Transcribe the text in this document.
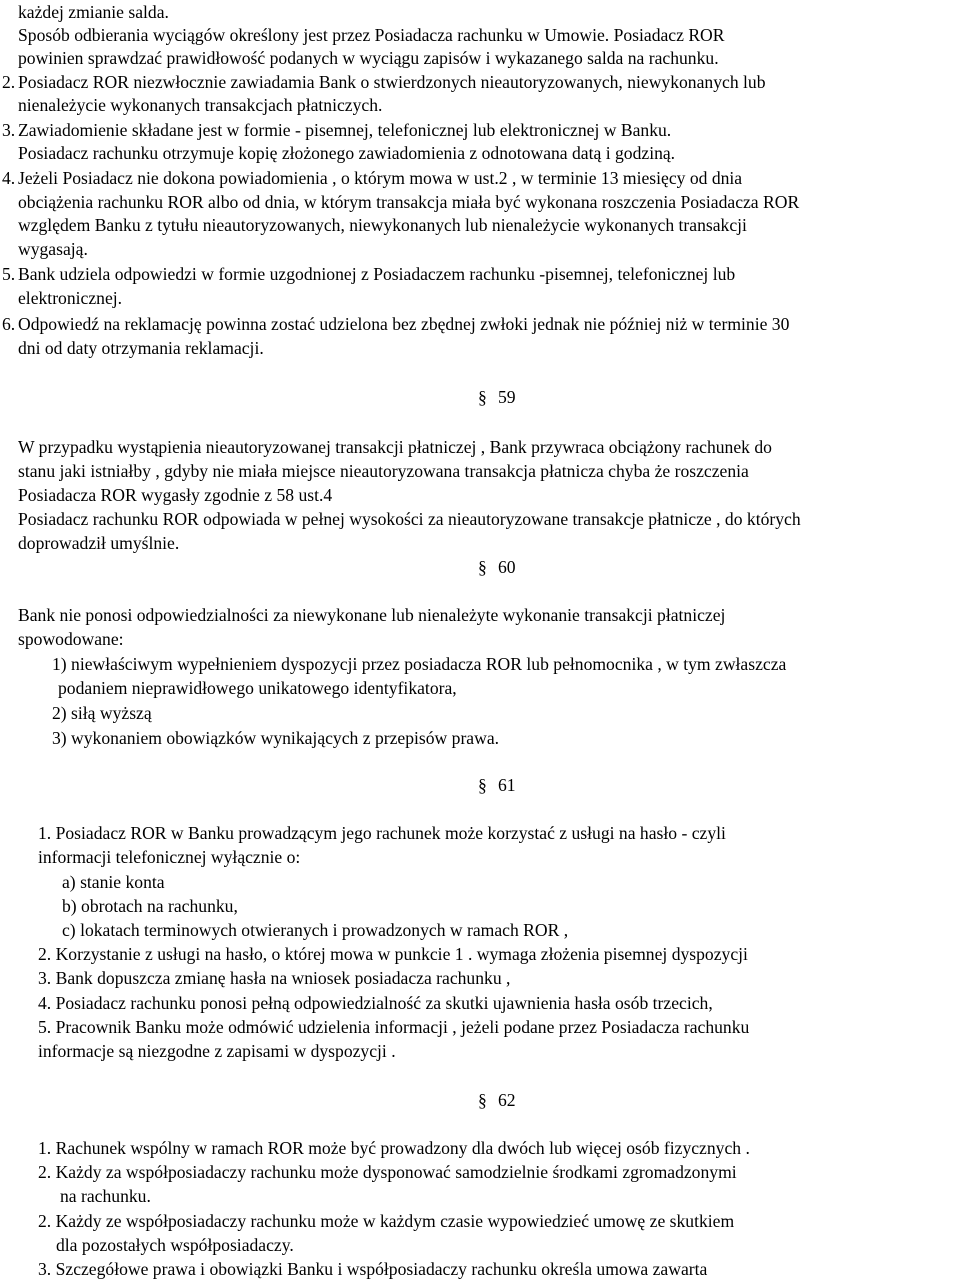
każdej zmianie salda.
Sposób odbierania wyciągów określony jest przez Posiadacza rachunku w Umowie. Posiadacz ROR
powinien sprawdzać prawidłowość podanych w wyciągu zapisów i wykazanego salda na rachunku.
2. Posiadacz ROR niezwłocznie zawiadamia Bank o stwierdzonych nieautoryzowanych, niewykonanych lub
nienależycie wykonanych transakcjach płatniczych.
3. Zawiadomienie składane jest w formie - pisemnej, telefonicznej lub elektronicznej w Banku.
Posiadacz rachunku otrzymuje kopię złożonego zawiadomienia z odnotowana datą i godziną.
4. Jeżeli Posiadacz nie dokona powiadomienia , o którym mowa w ust.2 , w terminie 13 miesięcy od dnia
obciążenia rachunku ROR albo od dnia, w którym transakcja miała być wykonana roszczenia Posiadacza ROR
względem Banku z tytułu nieautoryzowanych, niewykonanych lub nienależycie wykonanych transakcji
wygasają.
5. Bank udziela odpowiedzi w formie uzgodnionej z Posiadaczem rachunku -pisemnej, telefonicznej lub
elektronicznej.
6. Odpowiedź na reklamację powinna zostać udzielona bez zbędnej zwłoki jednak nie później niż w terminie 30
dni od daty otrzymania reklamacji.
§ 59
W przypadku wystąpienia nieautoryzowanej transakcji płatniczej , Bank przywraca obciążony rachunek do
stanu jaki istniałby , gdyby nie miała miejsce nieautoryzowana transakcja płatnicza chyba że roszczenia
Posiadacza ROR wygasły zgodnie z 58 ust.4
Posiadacz rachunku ROR odpowiada w pełnej wysokości za nieautoryzowane transakcje płatnicze , do których
doprowadził umyślnie.
§ 60
Bank nie ponosi odpowiedzialności za niewykonane lub nienależyte wykonanie transakcji płatniczej
spowodowane:
1) niewłaściwym wypełnieniem dyspozycji przez posiadacza ROR lub pełnomocnika , w tym zwłaszcza
podaniem nieprawidłowego unikatowego identyfikatora,
2) siłą wyższą
3) wykonaniem obowiązków wynikających z przepisów prawa.
§ 61
1. Posiadacz ROR w Banku prowadzącym jego rachunek może korzystać z usługi na hasło - czyli
informacji telefonicznej wyłącznie o:
a) stanie konta
b) obrotach na rachunku,
c) lokatach terminowych otwieranych i prowadzonych w ramach ROR ,
2. Korzystanie z usługi na hasło, o której mowa w punkcie 1 . wymaga złożenia pisemnej dyspozycji
3. Bank dopuszcza zmianę hasła na wniosek posiadacza rachunku ,
4. Posiadacz rachunku ponosi pełną odpowiedzialność za skutki ujawnienia hasła osób trzecich,
5. Pracownik Banku może odmówić udzielenia informacji , jeżeli podane przez Posiadacza rachunku
informacje są niezgodne z zapisami w dyspozycji .
§ 62
1. Rachunek wspólny w ramach ROR może być prowadzony dla dwóch lub więcej osób fizycznych .
2. Każdy za współposiadaczy rachunku może dysponować samodzielnie środkami zgromadzonymi
na rachunku.
2. Każdy ze współposiadaczy rachunku może w każdym czasie wypowiedzieć umowę ze skutkiem
dla pozostałych współposiadaczy.
3. Szczegółowe prawa i obowiązki Banku i współposiadaczy rachunku określa umowa zawarta
